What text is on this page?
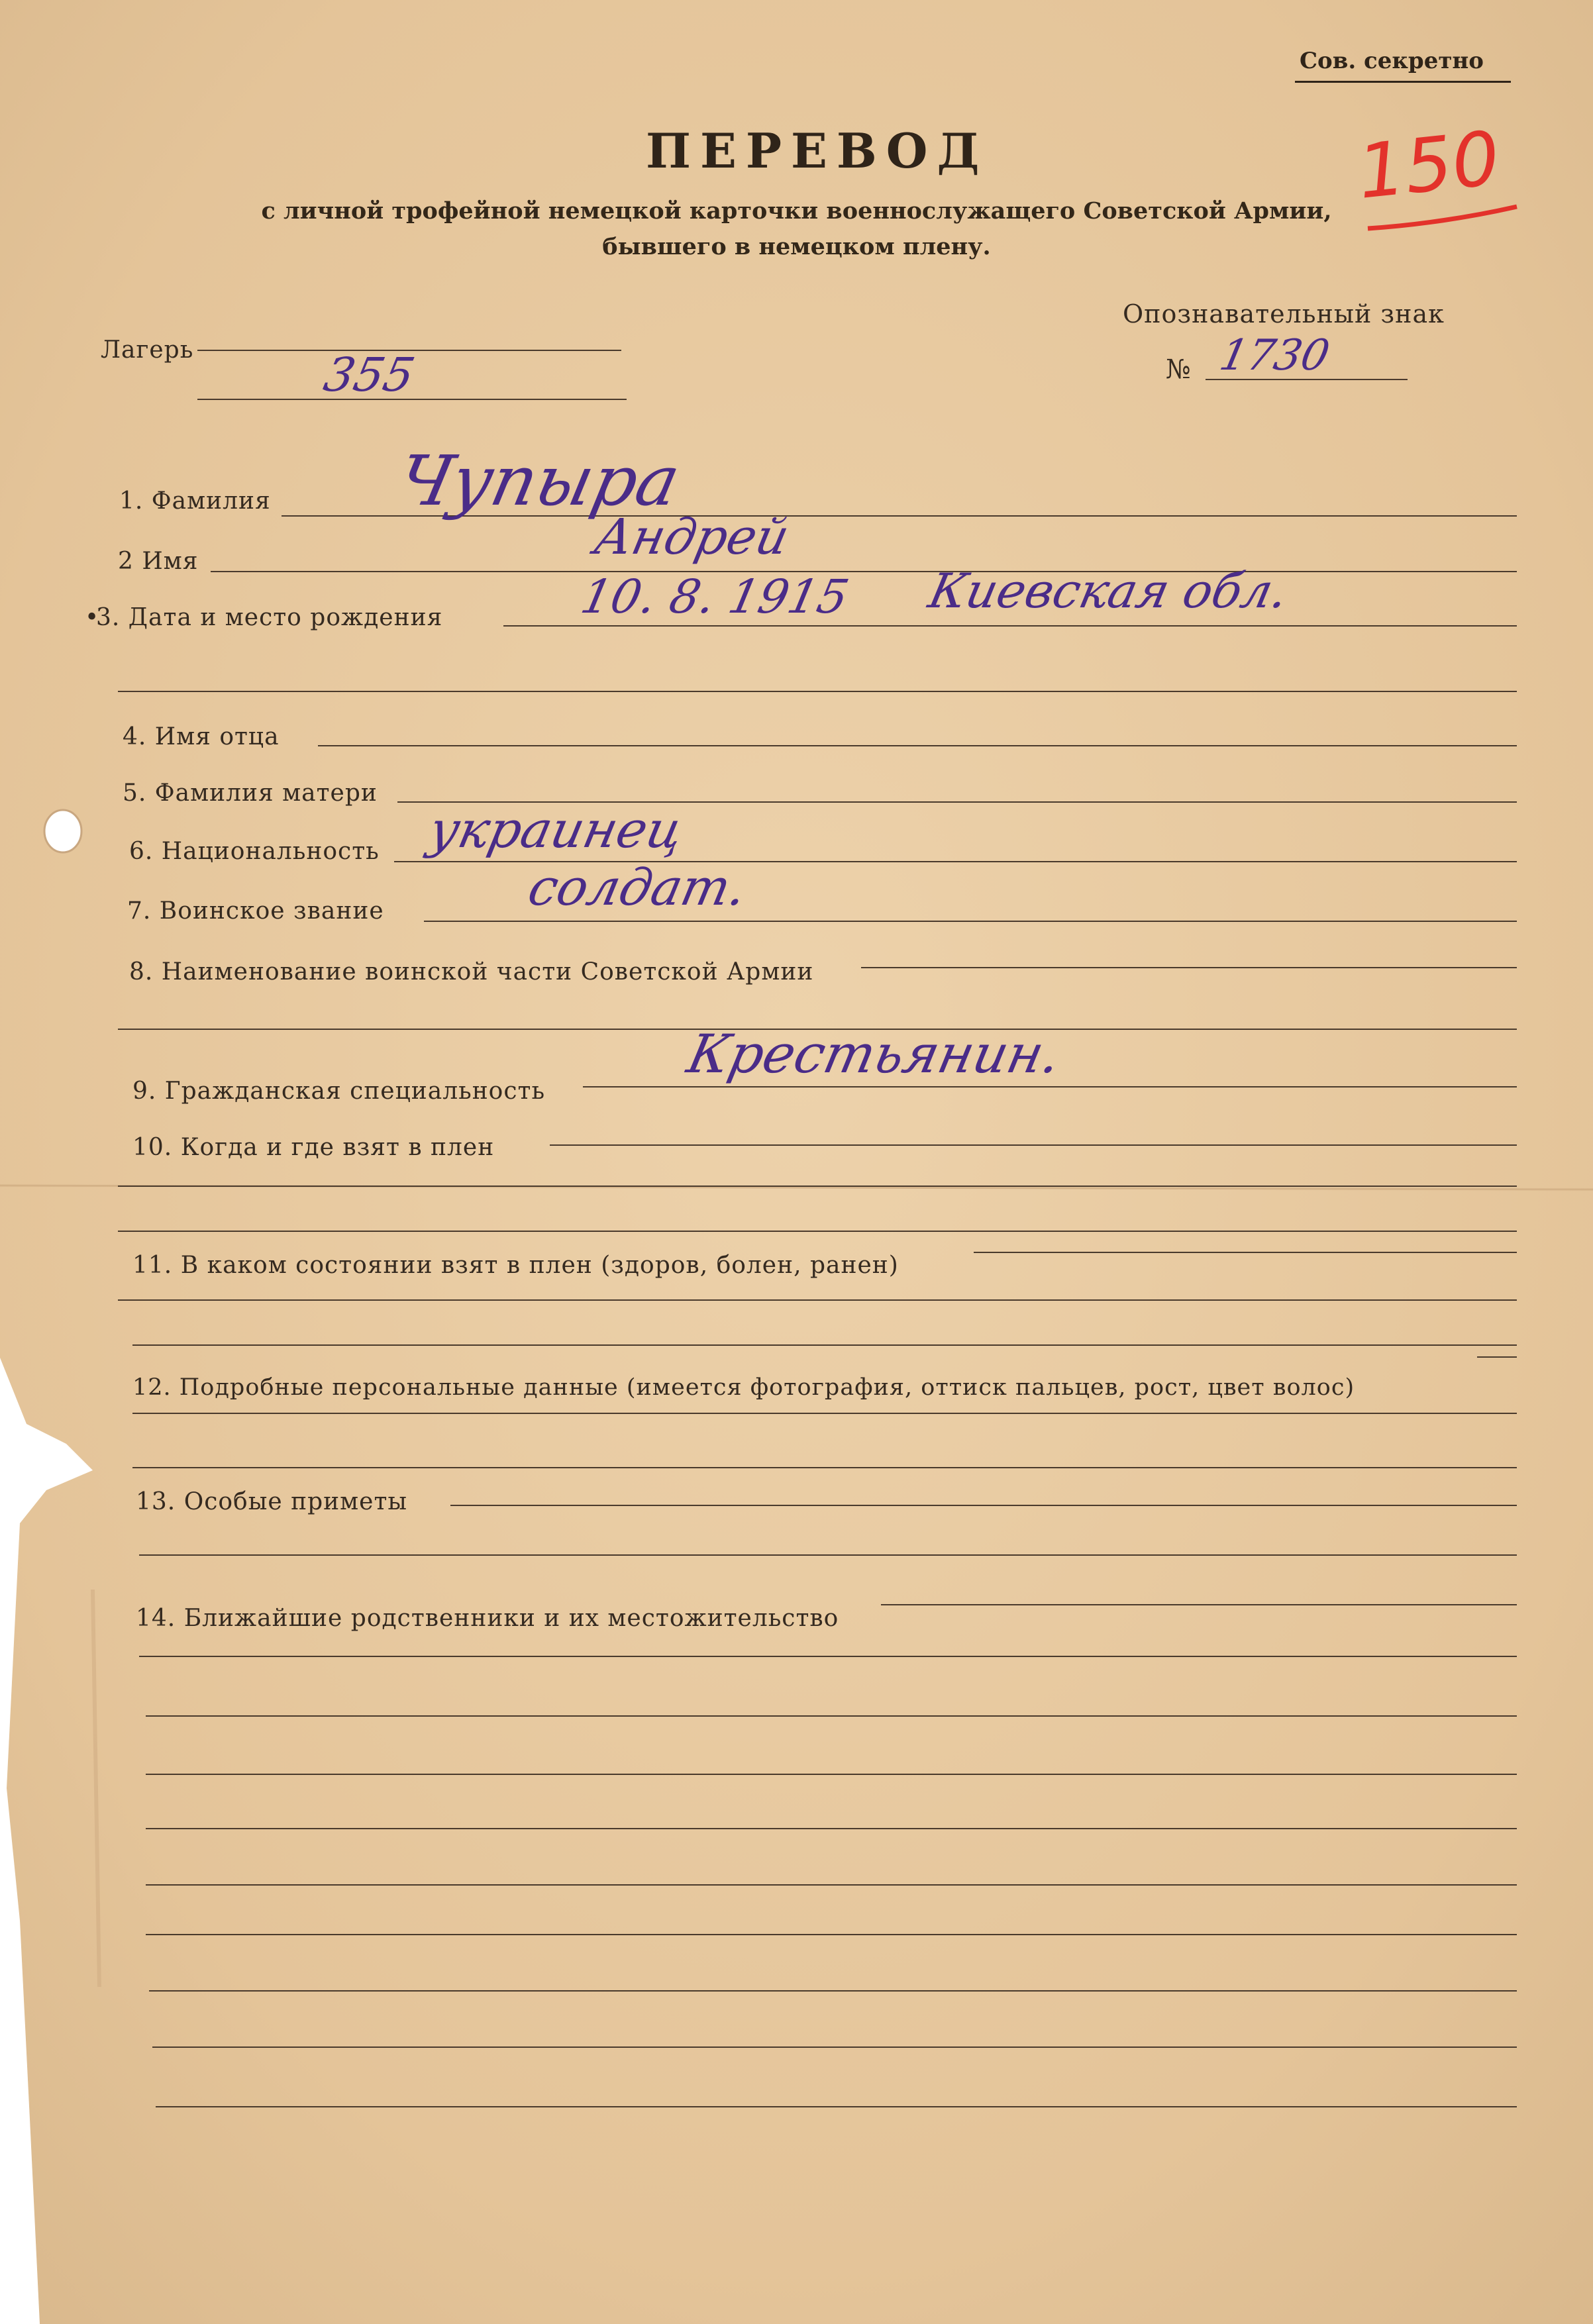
Сов. секретно
150
ПЕРЕВОД
с личной трофейной немецкой карточки военнослужащего Советской Армии,
бывшего в немецком плену.
Лагерь	355
Опознавательный знак
№ 1730
1. Фамилия Чупыра
2 Имя	Андрей
3. Дата и место рождения
•	10. 8. 1915 Киевская обл.
4. Имя отца
5. Фамилия матери
6. Национальность украинец
7. Воинское звание	солдат.
8. Наименование воинской части Советской Армии
9. Гражданская специальность
Крестьянин.
10. Когда и где взят в плен
11. В каком состоянии взят в плен (здоров, болен, ранен)
12. Подробные персональные данные (имеется фотография, оттиск пальцев, рост, цвет волос)
13. Особые приметы
14. Ближайшие родственники и их местожительство
